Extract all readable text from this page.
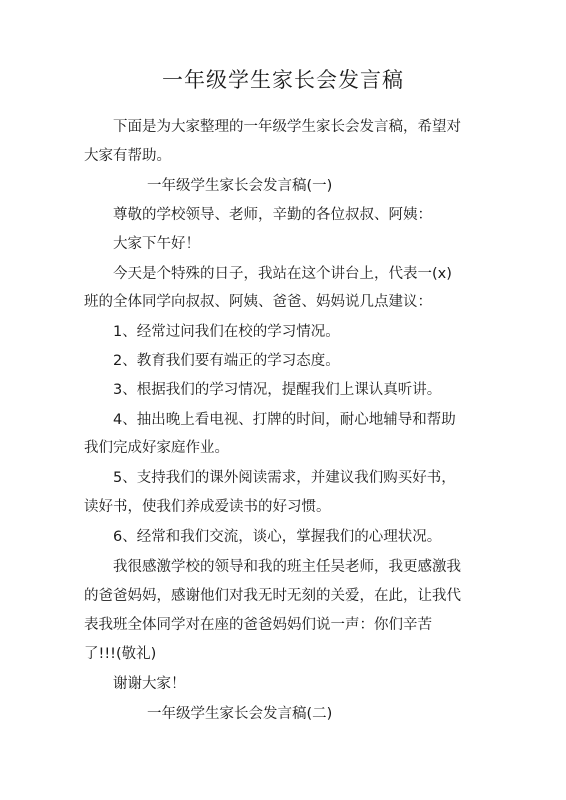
一年级学生家长会发言稿
下面是为大家整理的一年级学生家长会发言稿，希望对
大家有帮助。
一年级学生家长会发言稿(一)
尊敬的学校领导、老师，辛勤的各位叔叔、阿姨：
大家下午好！
今天是个特殊的日子，我站在这个讲台上，代表一(x)
班的全体同学向叔叔、阿姨、爸爸、妈妈说几点建议：
1、经常过问我们在校的学习情况。
2、教育我们要有端正的学习态度。
3、根据我们的学习情况，提醒我们上课认真听讲。
4、抽出晚上看电视、打牌的时间，耐心地辅导和帮助
我们完成好家庭作业。
5、支持我们的课外阅读需求，并建议我们购买好书，
读好书，使我们养成爱读书的好习惯。
6、经常和我们交流，谈心，掌握我们的心理状况。
我很感激学校的领导和我的班主任吴老师，我更感激我
的爸爸妈妈，感谢他们对我无时无刻的关爱，在此，让我代
表我班全体同学对在座的爸爸妈妈们说一声：你们辛苦
了!!!(敬礼)
谢谢大家！
一年级学生家长会发言稿(二)
